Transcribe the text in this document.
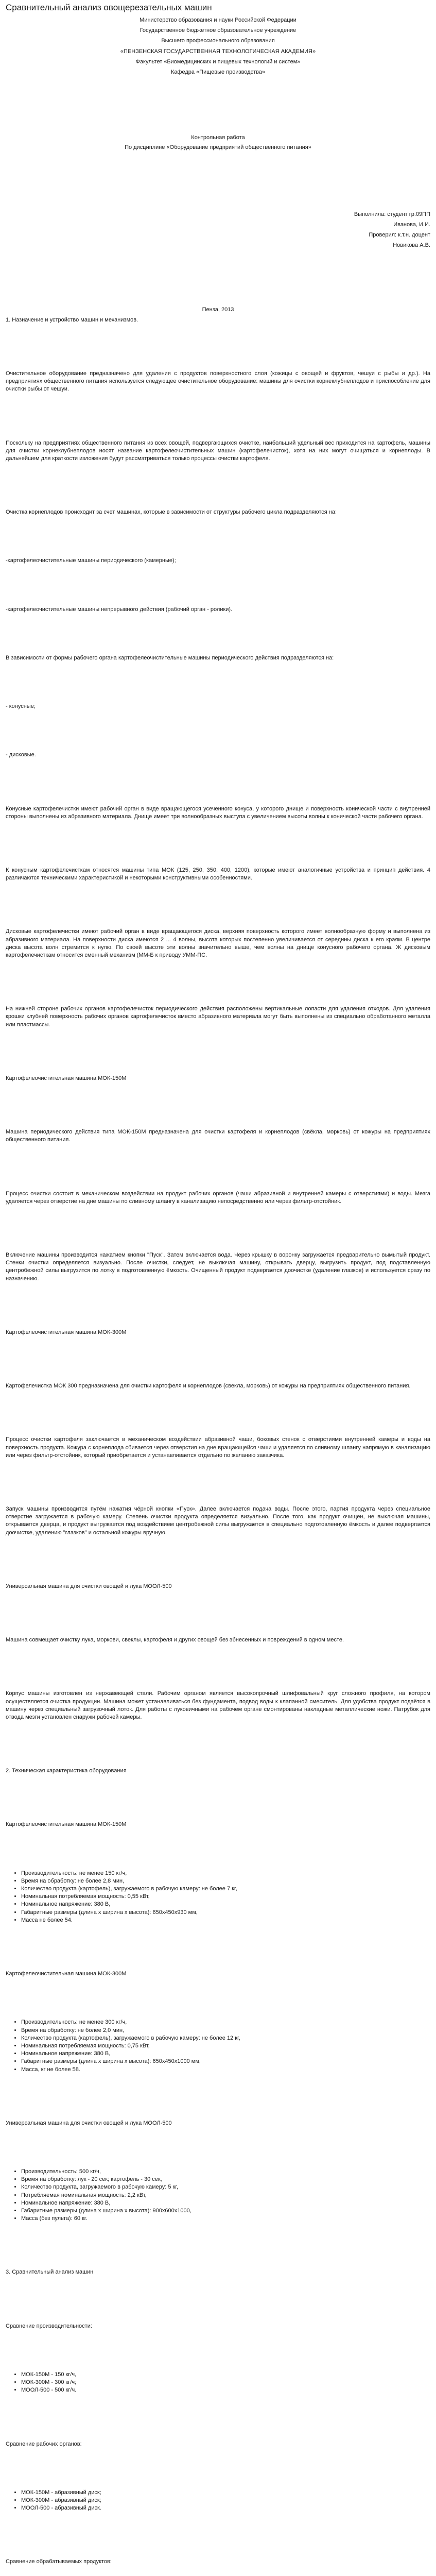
Сравнительный анализ овощерезательных машин

Министерство образования и науки Российской Федерации

Государственное бюджетное образовательное учреждение

Высшего профессионального образования

«ПЕНЗЕНСКАЯ ГОСУДАРСТВЕННАЯ ТЕХНОЛОГИЧЕСКАЯ АКАДЕМИЯ»

Факультет «Биомедицинских и пищевых технологий и систем»

Кафедра «Пищевые производства»

Контрольная работа

По дисциплине «Оборудование предприятий общественного питания»

Выполнила: студент гр.09ПП

Иванова, И.И.

Проверил: к.т.н. доцент

Новикова А.В.

Пенза, 2013

1. Назначение и устройство машин и механизмов.

Очистительное оборудование предназначено для удаления с продуктов поверхностного слоя (кожицы с овощей и фруктов, чешуи с рыбы и др.). На предприятиях общественного питания используется следующее очистительное оборудование: машины для очистки корнеклубнеплодов и приспособление для очистки рыбы от чешуи.

Поскольку на предприятиях общественного питания из всех овощей, подвергающихся очистке, наибольший удельный вес приходится на картофель, машины для очистки корнеклубнеплодов носят название картофелеочистительных машин (картофелечисток), хотя на них могут очищаться и корнеплоды. В дальнейшем для краткости изложения будут рассматриваться только процессы очистки картофеля.

Очистка корнеплодов происходит за счет машинах, которые в зависимости от структуры рабочего цикла подразделяются на:

-картофелеочистительные машины периодического (камерные);

-картофелеочистительные машины непрерывного действия (рабочий орган - ролики).

В зависимости от формы рабочего органа картофелеочистительные машины периодического действия подразделяются на:

- конусные;

- дисковые.

Конусные картофелечистки имеют рабочий орган в виде вращающегося усеченного конуса, у которого днище и поверхность конической части с внутренней стороны выполнены из абразивного материала. Днище имеет три волнообразных выступа с увеличением высоты волны к конической части рабочего органа.

К конусным картофелечисткам относятся машины типа МОК (125, 250, 350, 400, 1200), которые имеют аналогичные устройства и принцип действия. 4 различаются техническими характеристикой и некоторыми конструктивными особенностями.

Дисковые картофелечистки имеют рабочий орган в виде вращающегося диска, верхняя поверхность которого имеет волнообразную форму и выполнена из абразивного материала. На поверхности диска имеются 2 ... 4 волны, высота которых постепенно увеличивается от середины диска к его краям. В центре диска высота волн стремится к нулю. По своей высоте эти волны значительно выше, чем волны на днище конусного рабочего органа. Ж дисковым картофелечисткам относится сменный механизм (ММ-Б к приводу УММ-ПС.

На нижней стороне рабочих органов картофелечисток периодического действия расположены вертикальные лопасти для удаления отходов. Для удаления крошки клубней поверхность рабочих органов картофелечисток вместо абразивного материала могут быть выполнены из специально обработанного металла или пластмассы.

Картофелеочистительная машина МОК-150М

Машина периодического действия типа МОК-150М предназначена для очистки картофеля и корнеплодов (свёкла, морковь) от кожуры на предприятиях общественного питания.

Процесс очистки состоит в механическом воздействии на продукт рабочих органов (чаши абразивной и внутренней камеры с отверстиями) и воды. Мезга удаляется через отверстие на дне машины по сливному шлангу в канализацию непосредственно или через фильтр-отстойник.

Включение машины производится нажатием кнопки "Пуск". Затем включается вода. Через крышку в воронку загружается предварительно вымытый продукт. Стенки очистки определяется визуально. После очистки, следует, не выключая машину, открывать дверцу, выгрузить продукт, под подставленную центробежной силы выгрузится по лотку в подготовленную ёмкость. Очищенный продукт подвергается доочистке (удаление глазков) и используется сразу по назначению.

Картофелеочистительная машина МОК-300М

Картофелечистка МОК 300 предназначена для очистки картофеля и корнеплодов (свекла, морковь) от кожуры на предприятиях общественного питания.

Процесс очистки картофеля заключается в механическом воздействии абразивной чаши, боковых стенок с отверстиями внутренней камеры и воды на поверхность продукта. Кожура с корнеплода сбивается через отверстия на дне вращающейся чаши и удаляется по сливному шлангу напрямую в канализацию или через фильтр-отстойник, который приобретается и устанавливается отдельно по желанию заказчика.

Запуск машины производится путём нажатия чёрной кнопки «Пуск». Далее включается подача воды. После этого, партия продукта через специальное отверстие загружается в рабочую камеру. Степень очистки продукта определяется визуально. После того, как продукт очищен, не выключая машины, открывается дверца, и продукт выгружается под воздействием центробежной силы выгружается в специально подготовленную ёмкость и далее подвергается доочистке, удалению "глазков" и остальной кожуры вручную.

Универсальная машина для очистки овощей и лука МООЛ-500

Машина совмещает очистку лука, моркови, свеклы, картофеля и других овощей без эбнесенных и повреждений в одном месте.

Корпус машины изготовлен из нержавеющей стали. Рабочим органом является высокопрочный шлифовальный круг сложного профиля, на котором осуществляется очистка продукции. Машина может устанавливаться без фундамента, подвод воды к клапанной смеситель. Для удобства продукт подаётся в машину через специальный загрузочный лоток. Для работы с луковичными на рабочем органе смонтированы накладные металлические ножи. Патрубок для отвода мезги установлен снаружи рабочей камеры.

2. Техническая характеристика оборудования

Картофелеочистительная машина МОК-150М

• Производительность: не менее 150 кг/ч,
• Время на обработку: не более 2,8 мин,
• Количество продукта (картофель), загружаемого в рабочую камеру: не более 7 кг,
• Номинальная потребляемая мощность: 0,55 кВт,
• Номинальное напряжение: 380 В,
• Габаритные размеры (длина х ширина х высота): 650x450x930 мм,
• Масса не более 54.

Картофелеочистительная машина МОК-300М

• Производительность: не менее 300 кг/ч,
• Время на обработку: не более 2,0 мин,
• Количество продукта (картофель), загружаемого в рабочую камеру: не более 12 кг,
• Номинальная потребляемая мощность: 0,75 кВт,
• Номинальное напряжение: 380 В,
• Габаритные размеры (длина х ширина х высота): 650x450x1000 мм,
• Масса, кг не более 58.

Универсальная машина для очистки овощей и лука МООЛ-500

• Производительность: 500 кг/ч,
• Время на обработку: лук - 20 сек; картофель - 30 сек,
• Количество продукта, загружаемого в рабочую камеру: 5 кг,
• Потребляемая номинальная мощность: 2,2 кВт,
• Номинальное напряжение: 380 В,
• Габаритные размеры (длина х ширина х высота): 900x600x1000,
• Масса (без пульта): 60 кг.

3. Сравнительный анализ машин

Сравнение производительности:

• МОК-150М - 150 кг/ч,
• МОК-300М - 300 кг/ч;
• МООЛ-500 - 500 кг/ч.

Сравнение рабочих органов:

• МОК-150М - абразивный диск;
• МОК-300М - абразивный диск;
• МООЛ-500 - абразивный диск.

Сравнение обрабатываемых продуктов:
